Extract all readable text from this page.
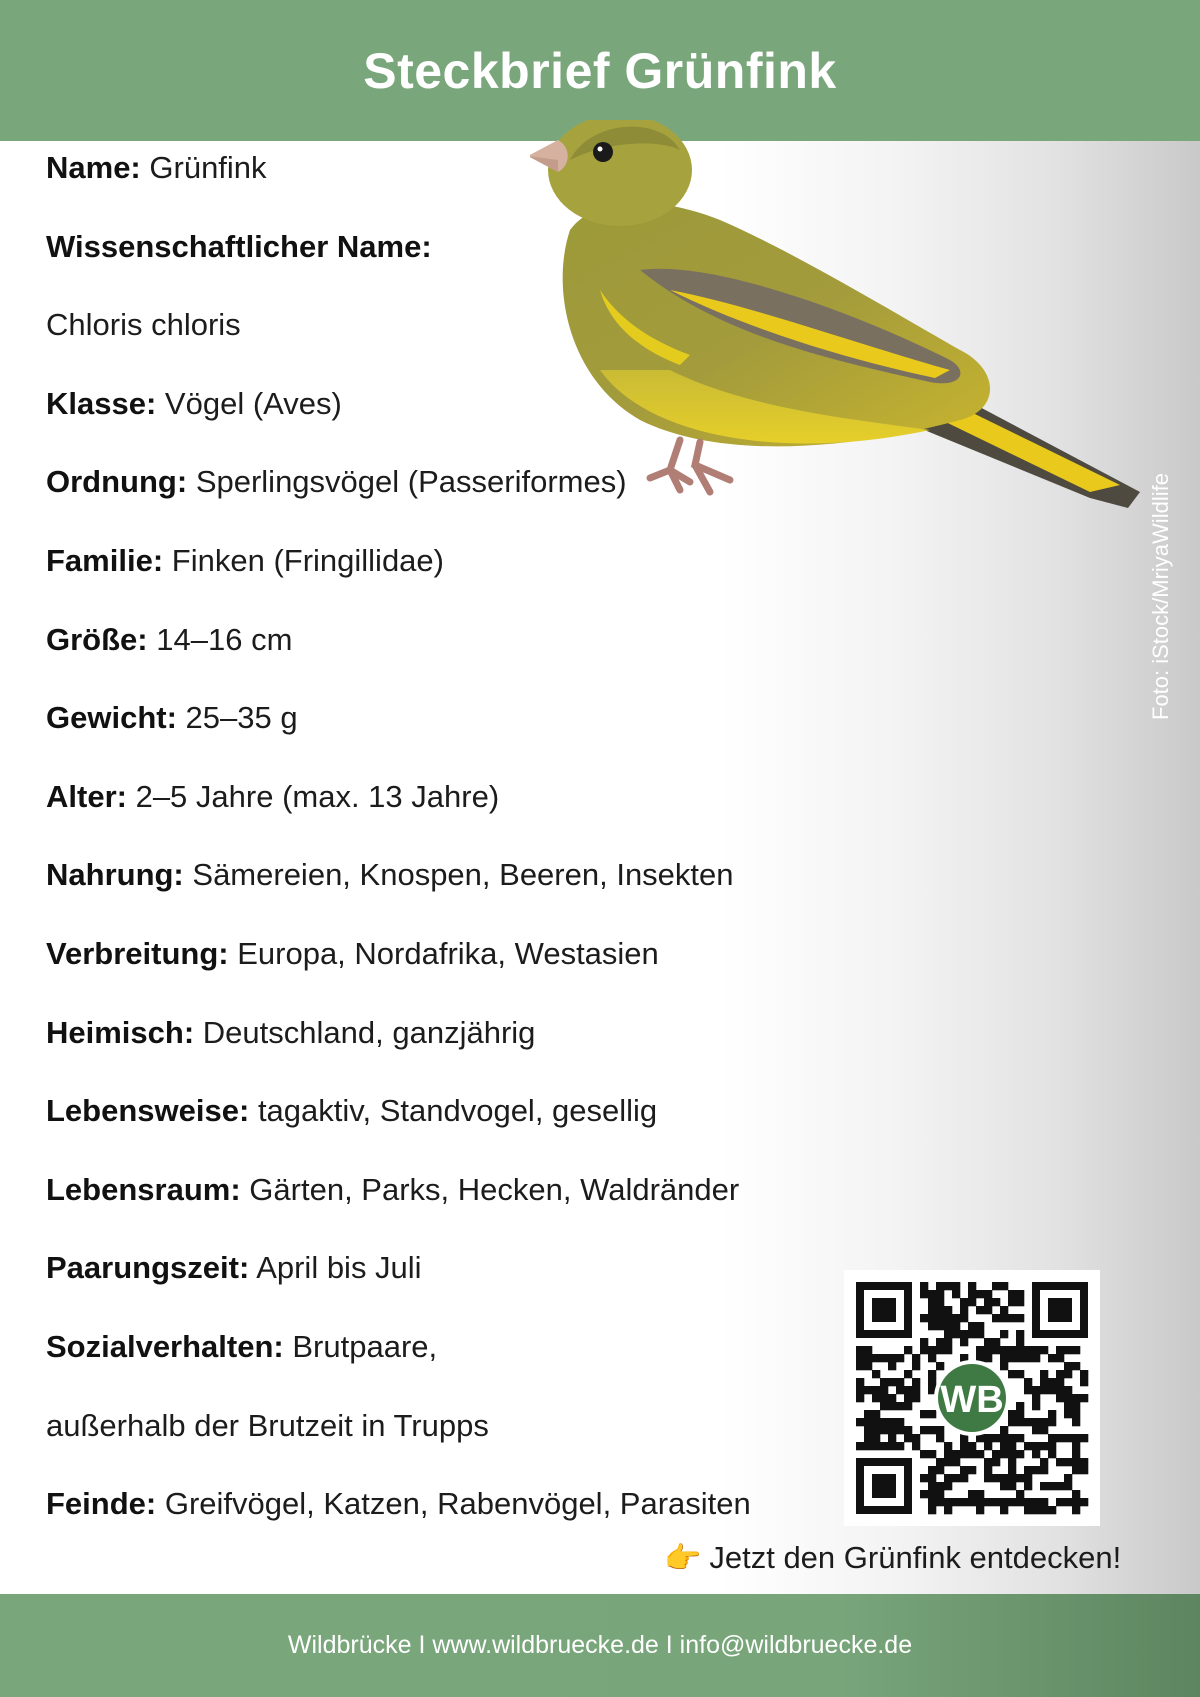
Steckbrief Grünfink
Name: Grünfink
Wissenschaftlicher Name:
Chloris chloris
Klasse: Vögel (Aves)
Ordnung: Sperlingsvögel (Passeriformes)
Familie: Finken (Fringillidae)
Größe: 14–16 cm
Gewicht: 25–35 g
Alter: 2–5 Jahre (max. 13 Jahre)
Nahrung: Sämereien, Knospen, Beeren, Insekten
Verbreitung: Europa, Nordafrika, Westasien
Heimisch: Deutschland, ganzjährig
Lebensweise: tagaktiv, Standvogel, gesellig
Lebensraum: Gärten, Parks, Hecken, Waldränder
Paarungszeit: April bis Juli
Sozialverhalten: Brutpaare,
außerhalb der Brutzeit in Trupps
Feinde: Greifvögel, Katzen, Rabenvögel, Parasiten
Foto: iStock/MriyaWildlife
WB
👉 Jetzt den Grünfink entdecken!
Wildbrücke I www.wildbruecke.de I info@wildbruecke.de
